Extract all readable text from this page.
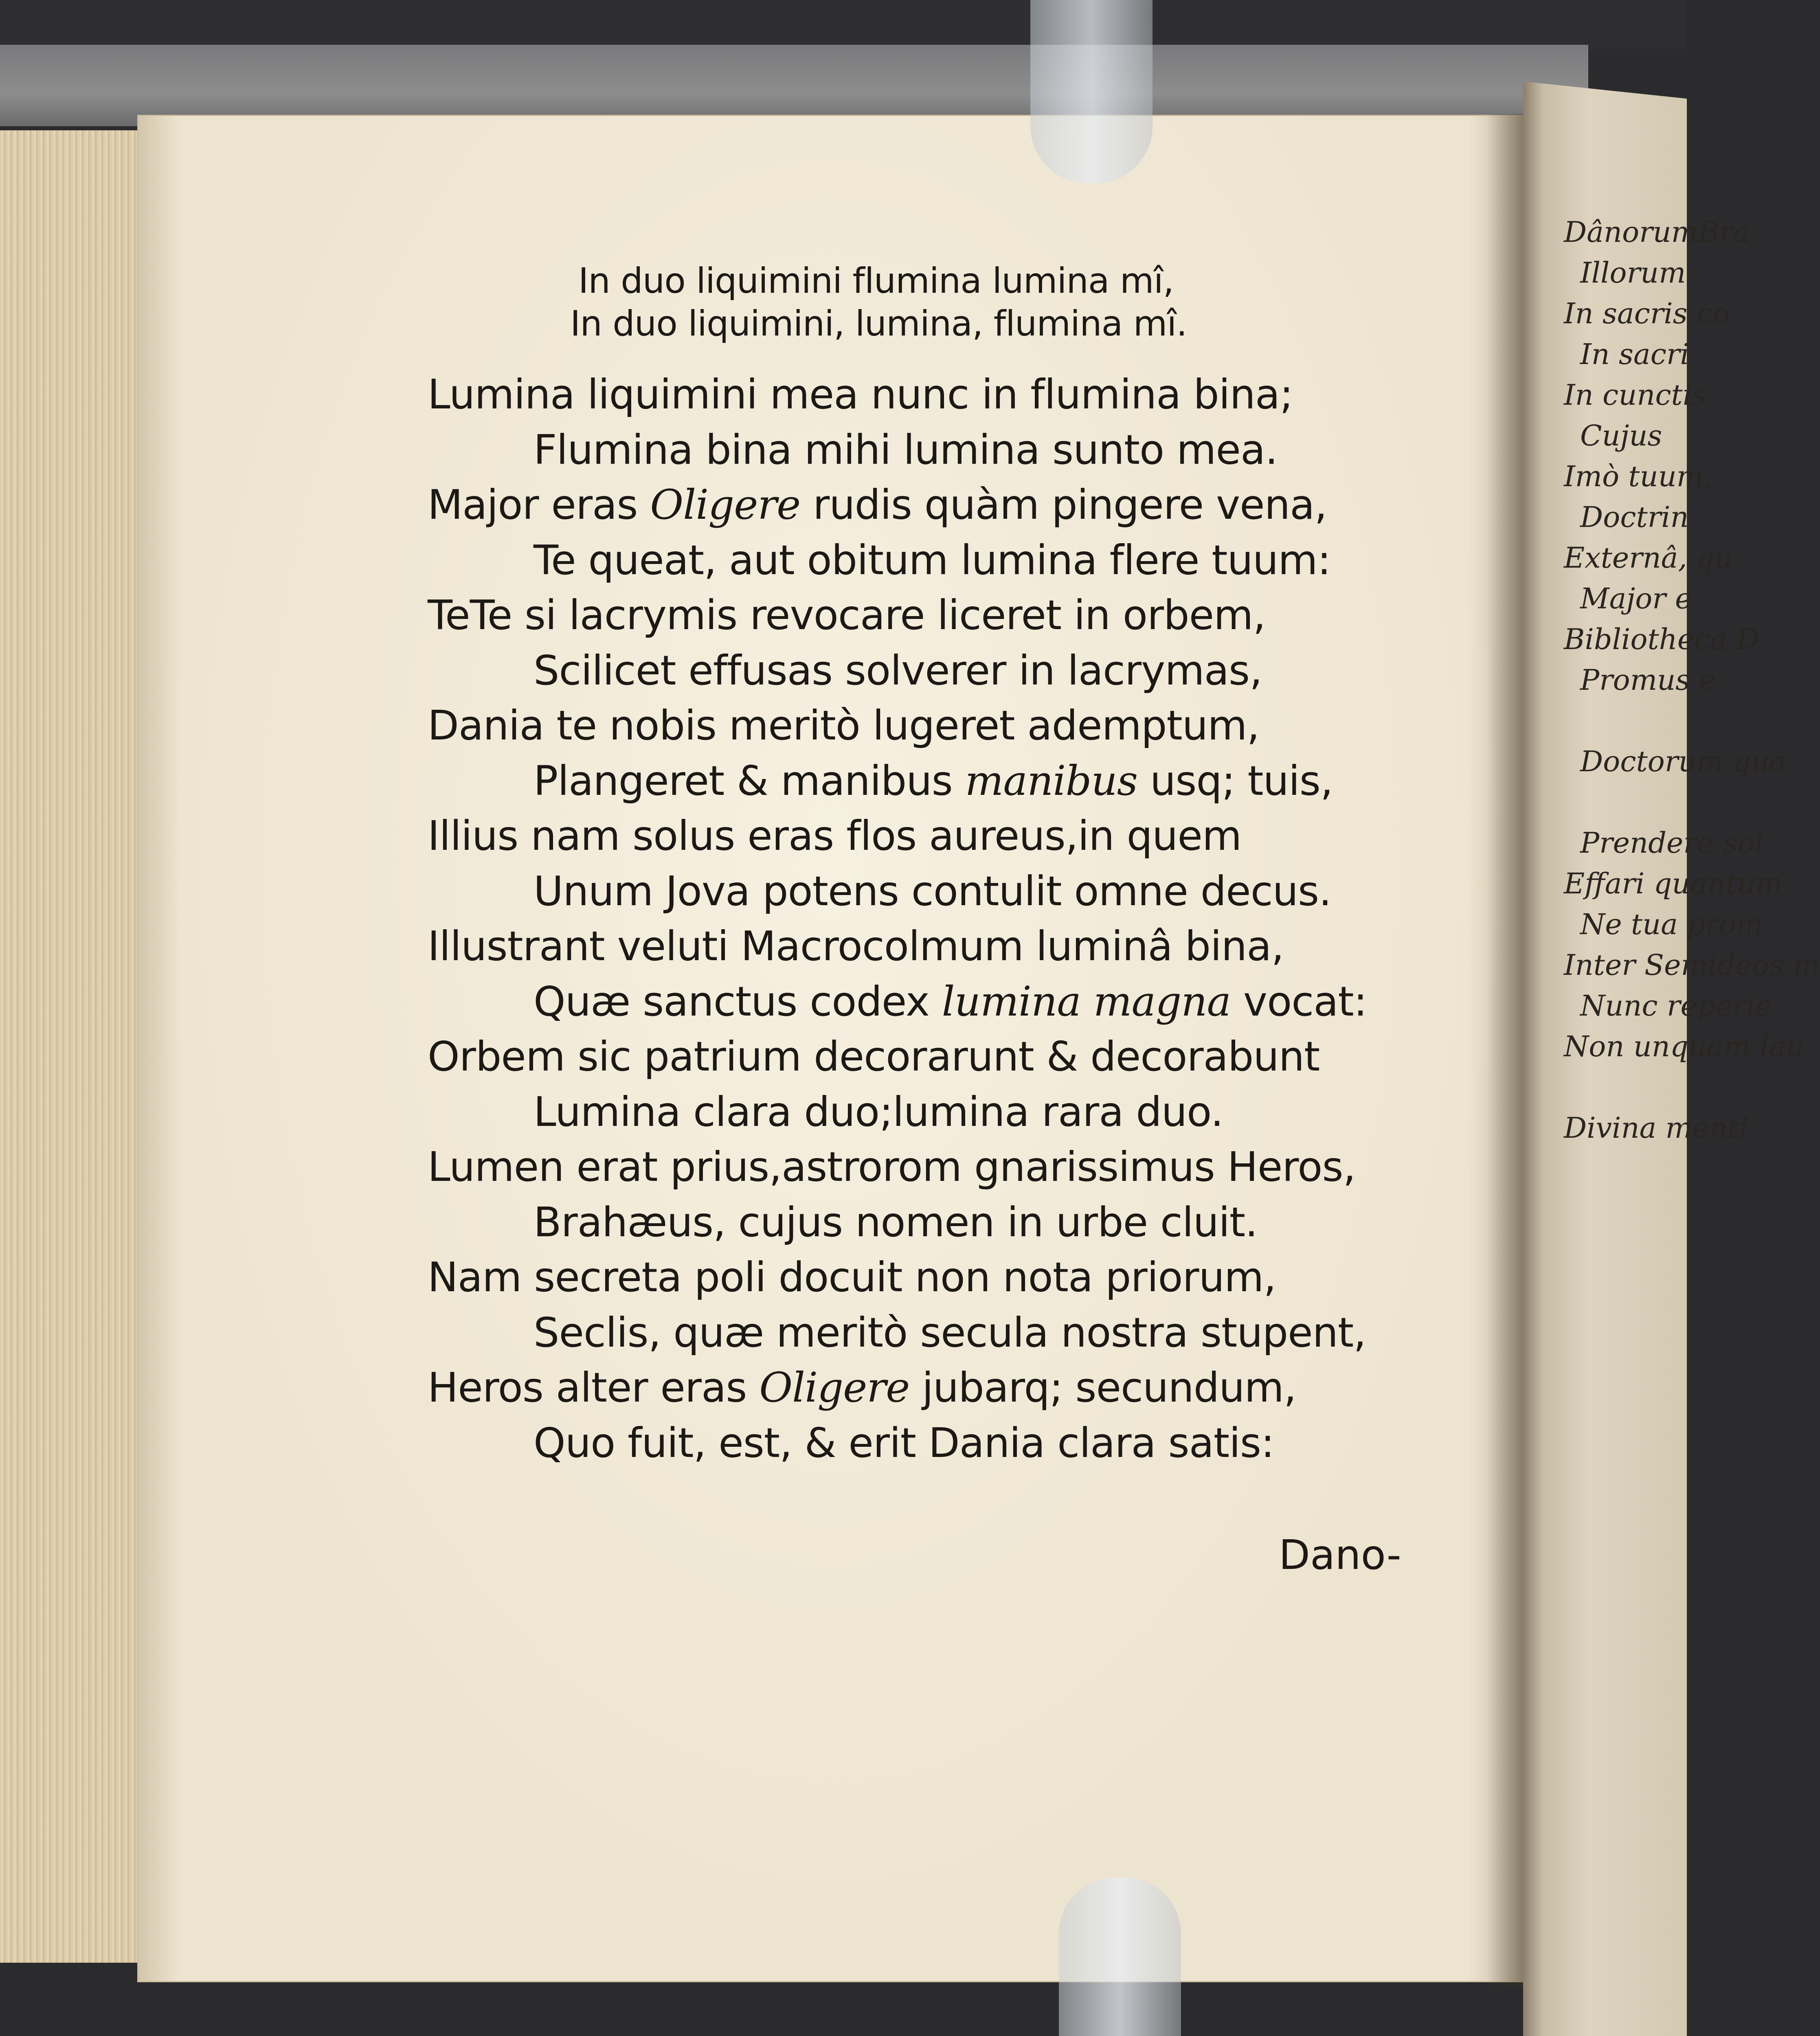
DânorumBra
Illorum
In sacris co
In sacri
In cunctis
Cujus
Imò tuum,
Doctrin
Externâ, qu
Major e
Bibliotheca D
Promus e
Doctorum qua
Prendere sol
Effari quantum
Ne tua prom
Inter Semideos m
Nunc reperie
Non unquam lau
Divina menti
In duo liquimini flumina lumina mî,
In duo liquimini, lumina, flumina mî.
Lumina liquimini mea nunc in flumina bina;
Flumina bina mihi lumina sunto mea.
Major eras Oligere rudis quàm pingere vena,
Te queat, aut obitum lumina flere tuum:
TeTe si lacrymis revocare liceret in orbem,
Scilicet effusas solverer in lacrymas,
Dania te nobis meritò lugeret ademptum,
Plangeret & manibus manibus usq; tuis,
Illius nam solus eras flos aureus,in quem
Unum Jova potens contulit omne decus.
Illustrant veluti Macrocolmum luminâ bina,
Quæ sanctus codex lumina magna vocat:
Orbem sic patrium decorarunt & decorabunt
Lumina clara duo;lumina rara duo.
Lumen erat prius,astrorom gnarissimus Heros,
Brahæus, cujus nomen in urbe cluit.
Nam secreta poli docuit non nota priorum,
Seclis, quæ meritò secula nostra stupent,
Heros alter eras Oligere jubarq; secundum,
Quo fuit, est, & erit Dania clara satis:
Dano-
